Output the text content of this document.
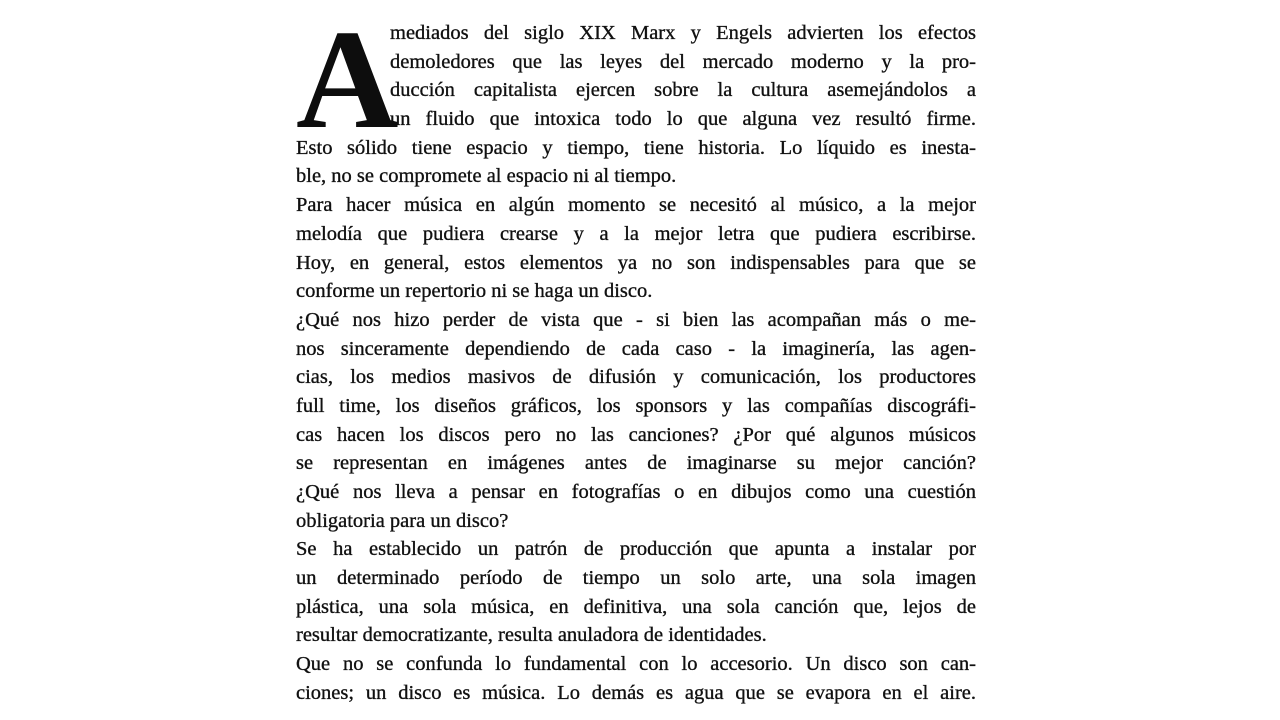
A
mediados del siglo XIX Marx y Engels advierten los efectos
demoledores que las leyes del mercado moderno y la pro-
ducción capitalista ejercen sobre la cultura asemejándolos a
un fluido que intoxica todo lo que alguna vez resultó firme.
Esto sólido tiene espacio y tiempo, tiene historia. Lo líquido es inesta-
ble, no se compromete al espacio ni al tiempo.
Para hacer música en algún momento se necesitó al músico, a la mejor
melodía que pudiera crearse y a la mejor letra que pudiera escribirse.
Hoy, en general, estos elementos ya no son indispensables para que se
conforme un repertorio ni se haga un disco.
¿Qué nos hizo perder de vista que - si bien las acompañan más o me-
nos sinceramente dependiendo de cada caso - la imaginería, las agen-
cias, los medios masivos de difusión y comunicación, los productores
full time, los diseños gráficos, los sponsors y las compañías discográfi-
cas hacen los discos pero no las canciones? ¿Por qué algunos músicos
se representan en imágenes antes de imaginarse su mejor canción?
¿Qué nos lleva a pensar en fotografías o en dibujos como una cuestión
obligatoria para un disco?
Se ha establecido un patrón de producción que apunta a instalar por
un determinado período de tiempo un solo arte, una sola imagen
plástica, una sola música, en definitiva, una sola canción que, lejos de
resultar democratizante, resulta anuladora de identidades.
Que no se confunda lo fundamental con lo accesorio. Un disco son can-
ciones; un disco es música. Lo demás es agua que se evapora en el aire.
